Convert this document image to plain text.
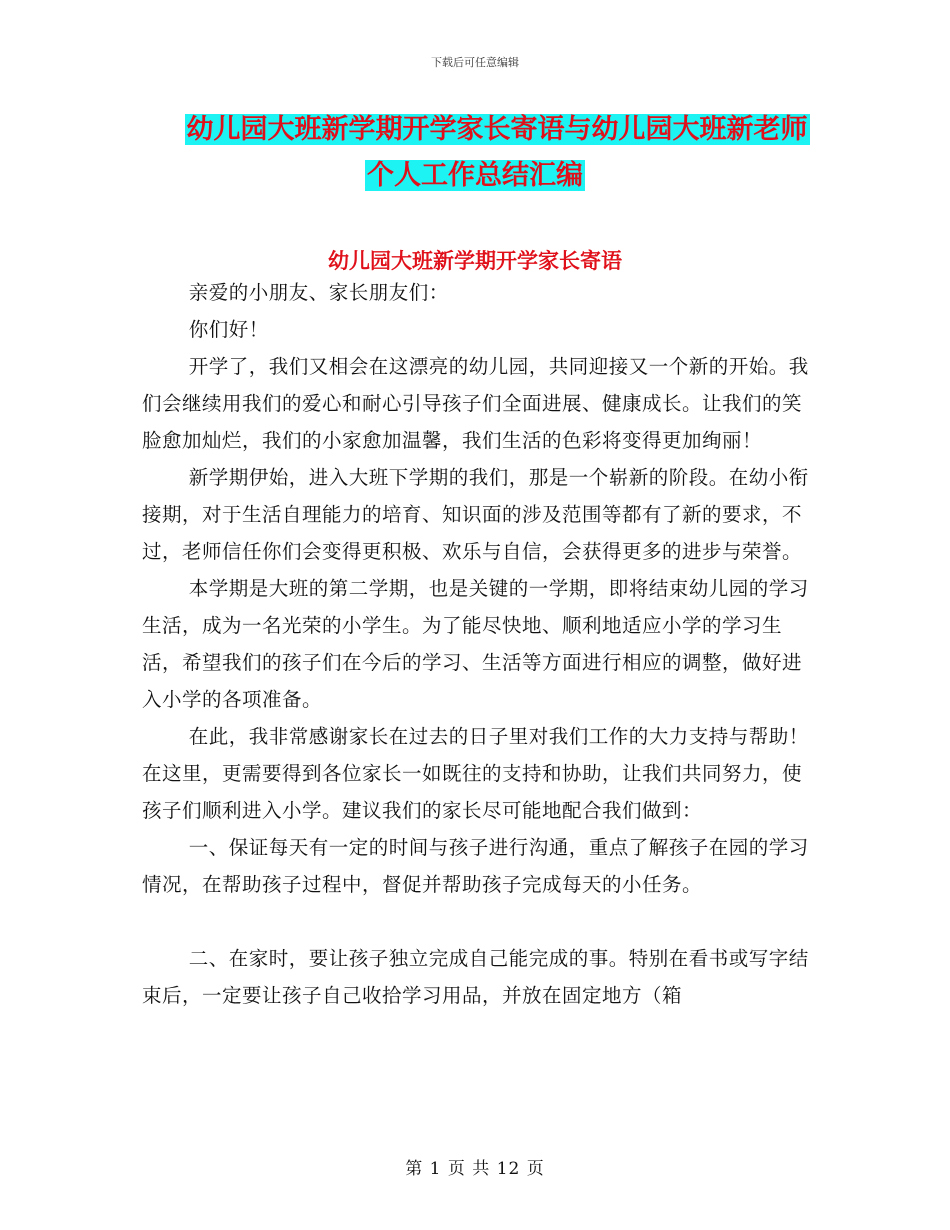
下载后可任意编辑
幼儿园大班新学期开学家长寄语与幼儿园大班新老师
个人工作总结汇编
幼儿园大班新学期开学家长寄语

亲爱的小朋友、家长朋友们：

你们好！

开学了，我们又相会在这漂亮的幼儿园，共同迎接又一个新的开始。我们会继续用我们的爱心和耐心引导孩子们全面进展、健康成长。让我们的笑脸愈加灿烂，我们的小家愈加温馨，我们生活的色彩将变得更加绚丽！

新学期伊始，进入大班下学期的我们，那是一个崭新的阶段。在幼小衔接期，对于生活自理能力的培育、知识面的涉及范围等都有了新的要求，不过，老师信任你们会变得更积极、欢乐与自信，会获得更多的进步与荣誉。

本学期是大班的第二学期，也是关键的一学期，即将结束幼儿园的学习生活，成为一名光荣的小学生。为了能尽快地、顺利地适应小学的学习生活，希望我们的孩子们在今后的学习、生活等方面进行相应的调整，做好进入小学的各项准备。

在此，我非常感谢家长在过去的日子里对我们工作的大力支持与帮助！在这里，更需要得到各位家长一如既往的支持和协助，让我们共同努力，使孩子们顺利进入小学。建议我们的家长尽可能地配合我们做到：

一、保证每天有一定的时间与孩子进行沟通，重点了解孩子在园的学习情况，在帮助孩子过程中，督促并帮助孩子完成每天的小任务。

二、在家时，要让孩子独立完成自己能完成的事。特别在看书或写字结束后，一定要让孩子自己收拾学习用品，并放在固定地方（箱

第 1 页 共 12 页
